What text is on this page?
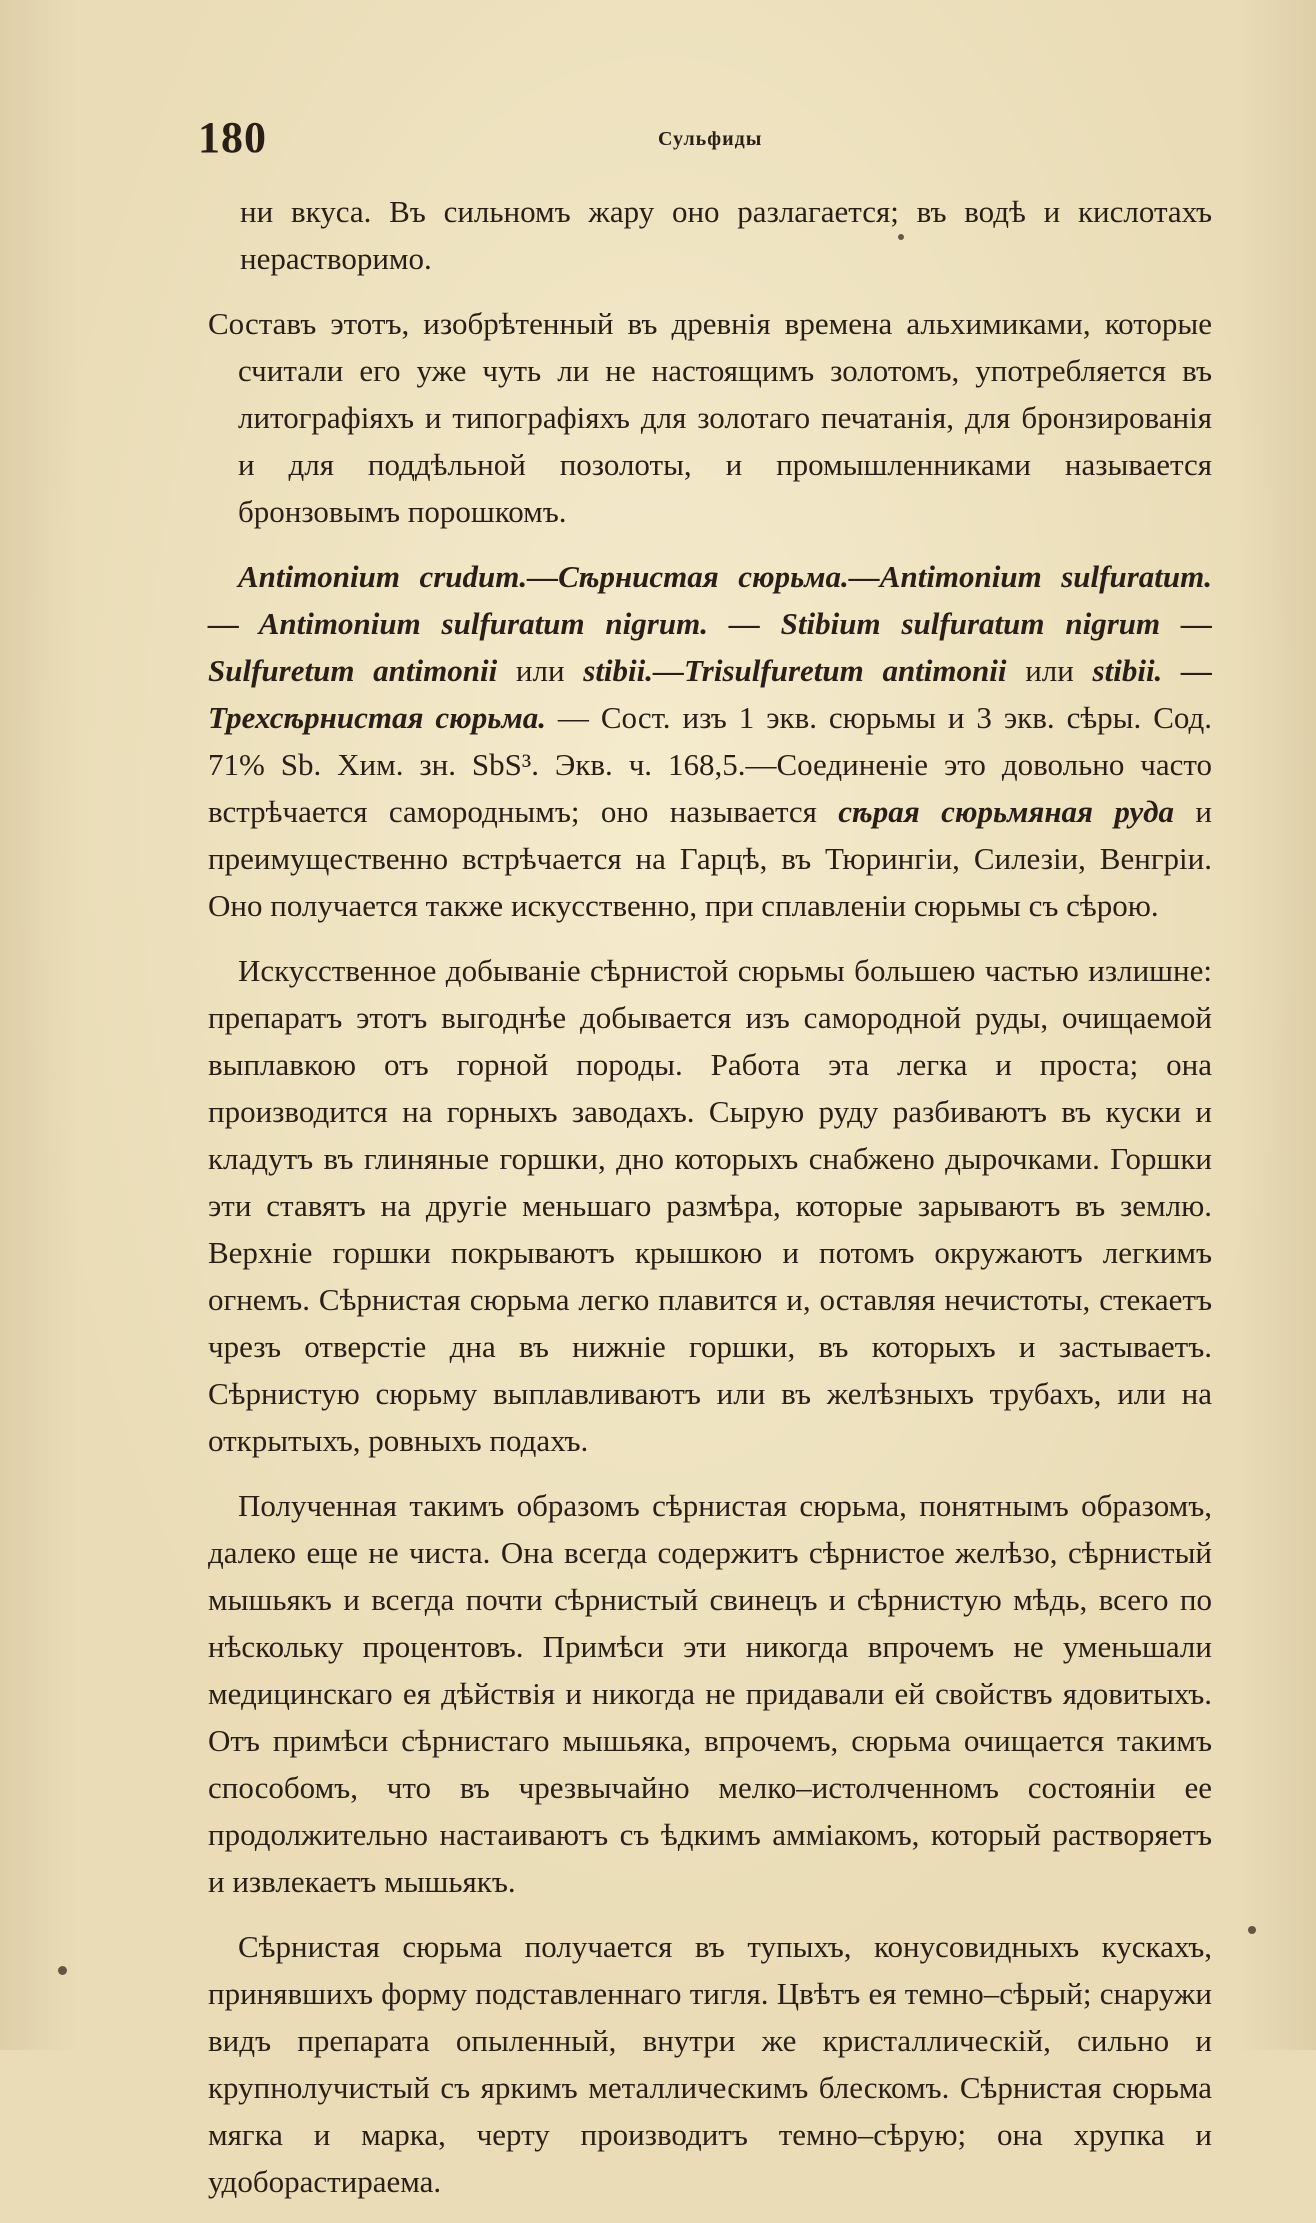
180	Сульфиды

ни вкуса. Въ сильномъ жару оно разлагается; въ водѣ и кислотахъ нерастворимо.

Составъ этотъ, изобрѣтенный въ древнія времена альхимиками, которые считали его уже чуть ли не настоящимъ золотомъ, употребляется въ литографіяхъ и типографіяхъ для золотаго печатанія, для бронзированія и для поддѣльной позолоты, и промышленниками называется бронзовымъ порошкомъ.

Antimonium crudum.—Сѣрнистая сюрьма.—Antimonium sulfuratum. — Antimonium sulfuratum nigrum. — Stibium sulfuratum nigrum —Sulfuretum antimonii или stibii.—Trisulfuretum antimonii или stibii. — Трехсѣрнистая сюрьма. — Сост. изъ 1 экв. сюрьмы и 3 экв. сѣры. Сод. 71% Sb. Хим. зн. SbS³. Экв. ч. 168,5.—Соединеніе это довольно часто встрѣчается самороднымъ; оно называется сѣрая сюрьмяная руда и преимущественно встрѣчается на Гарцѣ, въ Тюрингіи, Силезіи, Венгріи. Оно получается также искусственно, при сплавленіи сюрьмы съ сѣрою.

Искусственное добываніе сѣрнистой сюрьмы большею частью излишне: препаратъ этотъ выгоднѣе добывается изъ самородной руды, очищаемой выплавкою отъ горной породы. Работа эта легка и проста; она производится на горныхъ заводахъ. Сырую руду разбиваютъ въ куски и кладутъ въ глиняные горшки, дно которыхъ снабжено дырочками. Горшки эти ставятъ на другіе меньшаго размѣра, которые зарываютъ въ землю. Верхніе горшки покрываютъ крышкою и потомъ окружаютъ легкимъ огнемъ. Сѣрнистая сюрьма легко плавится и, оставляя нечистоты, стекаетъ чрезъ отверстіе дна въ нижніе горшки, въ которыхъ и застываетъ. Сѣрнистую сюрьму выплавливаютъ или въ желѣзныхъ трубахъ, или на открытыхъ, ровныхъ подахъ.

Полученная такимъ образомъ сѣрнистая сюрьма, понятнымъ образомъ, далеко еще не чиста. Она всегда содержитъ сѣрнистое желѣзо, сѣрнистый мышьякъ и всегда почти сѣрнистый свинецъ и сѣрнистую мѣдь, всего по нѣскольку процентовъ. Примѣси эти никогда впрочемъ не уменьшали медицинскаго ея дѣйствія и никогда не придавали ей свойствъ ядовитыхъ. Отъ примѣси сѣрнистаго мышьяка, впрочемъ, сюрьма очищается такимъ способомъ, что въ чрезвычайно мелко–истолченномъ состояніи ее продолжительно настаиваютъ съ ѣдкимъ амміакомъ, который растворяетъ и извлекаетъ мышьякъ.

Сѣрнистая сюрьма получается въ тупыхъ, конусовидныхъ кускахъ, принявшихъ форму подставленнаго тигля. Цвѣтъ ея темно–сѣрый; снаружи видъ препарата опыленный, внутри же кристаллическій, сильно и крупнолучистый съ яркимъ металлическимъ блескомъ. Сѣрнистая сюрьма мягка и марка, черту производитъ темно–сѣрую; она хрупка и удоборастираема.
